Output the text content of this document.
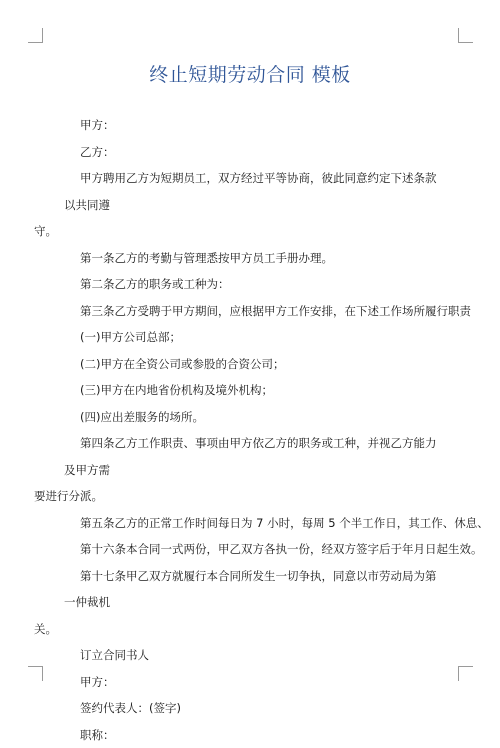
终止短期劳动合同 模板
甲方：
乙方：
甲方聘用乙方为短期员工，双方经过平等协商，彼此同意约定下述条款以共同遵
守。
第一条乙方的考勤与管理悉按甲方员工手册办理。
第二条乙方的职务或工种为：
第三条乙方受聘于甲方期间，应根据甲方工作安排，在下述工作场所履行职责
(一)甲方公司总部；
(二)甲方在全资公司或参股的合资公司；
(三)甲方在内地省份机构及境外机构；
(四)应出差服务的场所。
第四条乙方工作职责、事项由甲方依乙方的职务或工种，并视乙方能力及甲方需
要进行分派。
第五条乙方的正常工作时间每日为 7 小时，每周 5 个半工作日，其工作、休息、
第十六条本合同一式两份，甲乙双方各执一份，经双方签字后于年月日起生效。
第十七条甲乙双方就履行本合同所发生一切争执，同意以市劳动局为第一仲裁机
关。
订立合同书人
甲方：
签约代表人：(签字)
职称：
